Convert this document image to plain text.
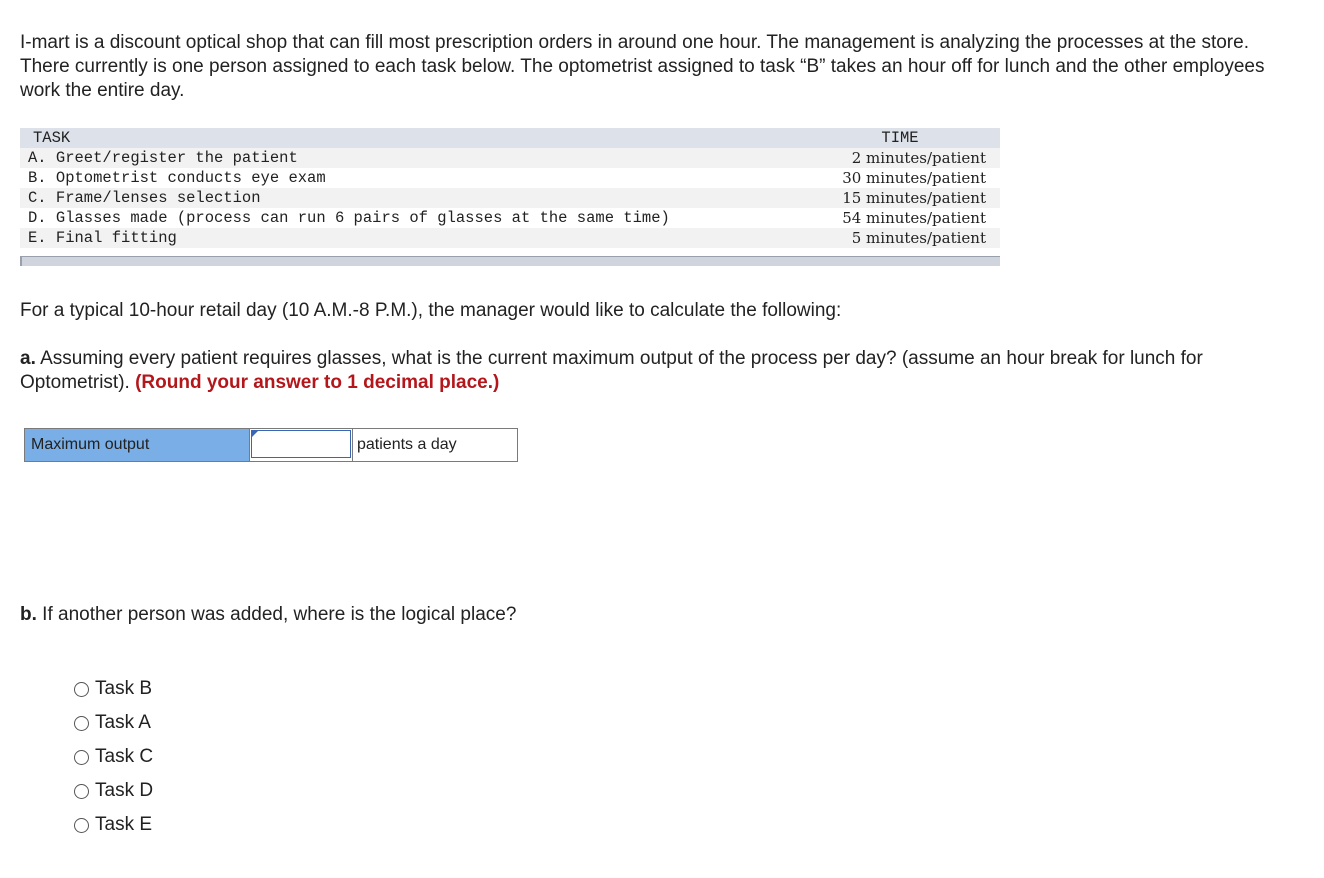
I-mart is a discount optical shop that can fill most prescription orders in around one hour. The management is analyzing the processes at the store. There currently is one person assigned to each task below. The optometrist assigned to task “B” takes an hour off for lunch and the other employees work the entire day.

TASK	TIME
A. Greet/register the patient	2 minutes/patient
B. Optometrist conducts eye exam	30 minutes/patient
C. Frame/lenses selection	15 minutes/patient
D. Glasses made (process can run 6 pairs of glasses at the same time)	54 minutes/patient
E. Final fitting	5 minutes/patient

For a typical 10-hour retail day (10 A.M.-8 P.M.), the manager would like to calculate the following:

a. Assuming every patient requires glasses, what is the current maximum output of the process per day? (assume an hour break for lunch for Optometrist). (Round your answer to 1 decimal place.)

Maximum output	patients a day

b. If another person was added, where is the logical place?

Task B
Task A
Task C
Task D
Task E
